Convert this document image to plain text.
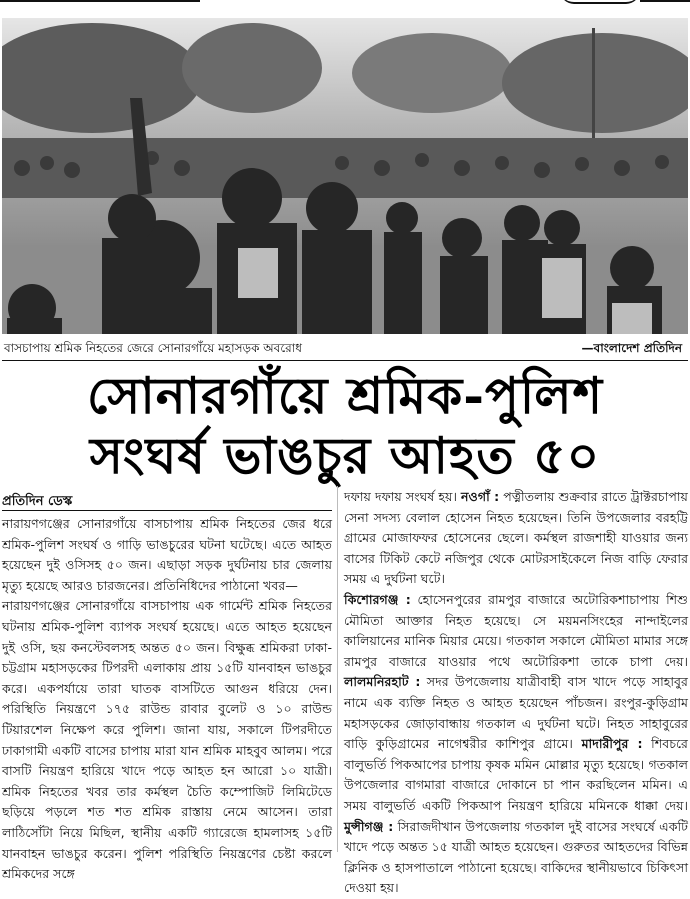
বাসচাপায় শ্রমিক নিহতের জেরে সোনারগাঁয়ে মহাসড়ক অবরোধ	—বাংলাদেশ প্রতিদিন
সোনারগাঁয়ে শ্রমিক-পুলিশ
সংঘর্ষ ভাঙচুর আহত ৫০
প্রতিদিন ডেস্ক

নারায়ণগঞ্জের সোনারগাঁয়ে বাসচাপায় শ্রমিক নিহতের জের ধরে শ্রমিক-পুলিশ সংঘর্ষ ও গাড়ি ভাঙচুরের ঘটনা ঘটেছে। এতে আহত হয়েছেন দুই ওসিসহ ৫০ জন। এছাড়া সড়ক দুর্ঘটনায় চার জেলায় মৃত্যু হয়েছে আরও চারজনের। প্রতিনিধিদের পাঠানো খবর—

নারায়ণগঞ্জের সোনারগাঁয়ে বাসচাপায় এক গার্মেন্ট শ্রমিক নিহতের ঘটনায় শ্রমিক-পুলিশ ব্যাপক সংঘর্ষ হয়েছে। এতে আহত হয়েছেন দুই ওসি, ছয় কনস্টেবলসহ অন্তত ৫০ জন। বিক্ষুব্ধ শ্রমিকরা ঢাকা-চট্টগ্রাম মহাসড়কের টিপরদী এলাকায় প্রায় ১৫টি যানবাহন ভাঙচুর করে। একপর্যায়ে তারা ঘাতক বাসটিতে আগুন ধরিয়ে দেন। পরিস্থিতি নিয়ন্ত্রণে ১৭৫ রাউন্ড রাবার বুলেট ও ১০ রাউন্ড টিয়ারশেল নিক্ষেপ করে পুলিশ। জানা যায়, সকালে টিপরদীতে ঢাকাগামী একটি বাসের চাপায় মারা যান শ্রমিক মাহবুব আলম। পরে বাসটি নিয়ন্ত্রণ হারিয়ে খাদে পড়ে আহত হন আরো ১০ যাত্রী। শ্রমিক নিহতের খবর তার কর্মস্থল চৈতি কম্পোজিট লিমিটেডে ছড়িয়ে পড়লে শত শত শ্রমিক রাস্তায় নেমে আসেন। তারা লাঠিসোঁটা নিয়ে মিছিল, স্থানীয় একটি গ্যারেজে হামলাসহ ১৫টি যানবাহন ভাঙচুর করেন। পুলিশ পরিস্থিতি নিয়ন্ত্রণের চেষ্টা করলে শ্রমিকদের সঙ্গে

দফায় দফায় সংঘর্ষ হয়। নওগাঁ : পত্নীতলায় শুক্রবার রাতে ট্রাক্টরচাপায় সেনা সদস্য বেলাল হোসেন নিহত হয়েছেন। তিনি উপজেলার বরহট্টি গ্রামের মোজাফফর হোসেনের ছেলে। কর্মস্থল রাজশাহী যাওয়ার জন্য বাসের টিকিট কেটে নজিপুর থেকে মোটরসাইকেলে নিজ বাড়ি ফেরার সময় এ দুর্ঘটনা ঘটে।

কিশোরগঞ্জ : হোসেনপুরের রামপুর বাজারে অটোরিকশাচাপায় শিশু মৌমিতা আক্তার নিহত হয়েছে। সে ময়মনসিংহের নান্দাইলের কালিয়ানের মানিক মিয়ার মেয়ে। গতকাল সকালে মৌমিতা মামার সঙ্গে রামপুর বাজারে যাওয়ার পথে অটোরিকশা তাকে চাপা দেয়। লালমনিরহাট : সদর উপজেলায় যাত্রীবাহী বাস খাদে পড়ে সাহাবুর নামে এক ব্যক্তি নিহত ও আহত হয়েছেন পাঁচজন। রংপুর-কুড়িগ্রাম মহাসড়কের জোড়াবান্ধায় গতকাল এ দুর্ঘটনা ঘটে। নিহত সাহাবুরের বাড়ি কুড়িগ্রামের নাগেশ্বরীর কাশিপুর গ্রামে। মাদারীপুর : শিবচরে বালুভর্তি পিকআপের চাপায় কৃষক মমিন মোল্লার মৃত্যু হয়েছে। গতকাল উপজেলার বাগমারা বাজারে দোকানে চা পান করছিলেন মমিন। এ সময় বালুভর্তি একটি পিকআপ নিয়ন্ত্রণ হারিয়ে মমিনকে ধাক্কা দেয়। মুন্সীগঞ্জ : সিরাজদীখান উপজেলায় গতকাল দুই বাসের সংঘর্ষে একটি খাদে পড়ে অন্তত ১৫ যাত্রী আহত হয়েছেন। গুরুতর আহতদের বিভিন্ন ক্লিনিক ও হাসপাতালে পাঠানো হয়েছে। বাকিদের স্থানীয়ভাবে চিকিৎসা দেওয়া হয়।
